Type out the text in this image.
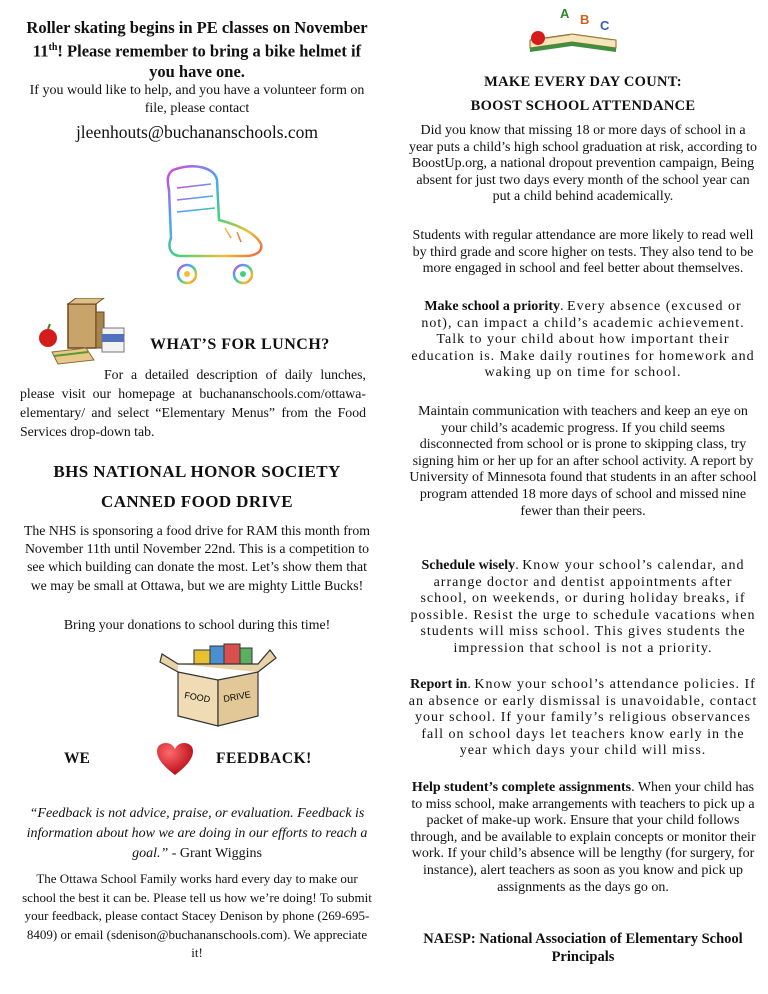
Roller skating begins in PE classes on November 11th! Please remember to bring a bike helmet if you have one.

If you would like to help, and you have a volunteer form on file, please contact

jleenhouts@buchananschools.com

WHAT’S FOR LUNCH?

For a detailed description of daily lunches, please visit our homepage at buchananschools.com/ottawa-elementary/ and select “Elementary Menus” from the Food Services drop-down tab.

BHS NATIONAL HONOR SOCIETY

CANNED FOOD DRIVE

The NHS is sponsoring a food drive for RAM this month from November 11th until November 22nd. This is a competition to see which building can donate the most. Let’s show them that we may be small at Ottawa, but we are mighty Little Bucks!

Bring your donations to school during this time!

FOOD DRIVE

WE	FEEDBACK!

“Feedback is not advice, praise, or evaluation. Feedback is information about how we are doing in our efforts to reach a goal.” - Grant Wiggins

The Ottawa School Family works hard every day to make our school the best it can be. Please tell us how we’re doing! To submit your feedback, please contact Stacey Denison by phone (269-695-8409) or email (sdenison@buchananschools.com). We appreciate it!

A B C

MAKE EVERY DAY COUNT:

BOOST SCHOOL ATTENDANCE

Did you know that missing 18 or more days of school in a year puts a child’s high school graduation at risk, according to BoostUp.org, a national dropout prevention campaign, Being absent for just two days every month of the school year can put a child behind academically.

Students with regular attendance are more likely to read well by third grade and score higher on tests. They also tend to be more engaged in school and feel better about themselves.

Make school a priority. Every absence (excused or not), can impact a child’s academic achievement. Talk to your child about how important their education is. Make daily routines for homework and waking up on time for school.

Maintain communication with teachers and keep an eye on your child’s academic progress. If you child seems disconnected from school or is prone to skipping class, try signing him or her up for an after school activity. A report by University of Minnesota found that students in an after school program attended 18 more days of school and missed nine fewer than their peers.

Schedule wisely. Know your school’s calendar, and arrange doctor and dentist appointments after school, on weekends, or during holiday breaks, if possible. Resist the urge to schedule vacations when students will miss school. This gives students the impression that school is not a priority.

Report in. Know your school’s attendance policies. If an absence or early dismissal is unavoidable, contact your school. If your family’s religious observances fall on school days let teachers know early in the year which days your child will miss.

Help student’s complete assignments. When your child has to miss school, make arrangements with teachers to pick up a packet of make-up work. Ensure that your child follows through, and be available to explain concepts or monitor their work. If your child’s absence will be lengthy (for surgery, for instance), alert teachers as soon as you know and pick up assignments as the days go on.

NAESP: National Association of Elementary School Principals
